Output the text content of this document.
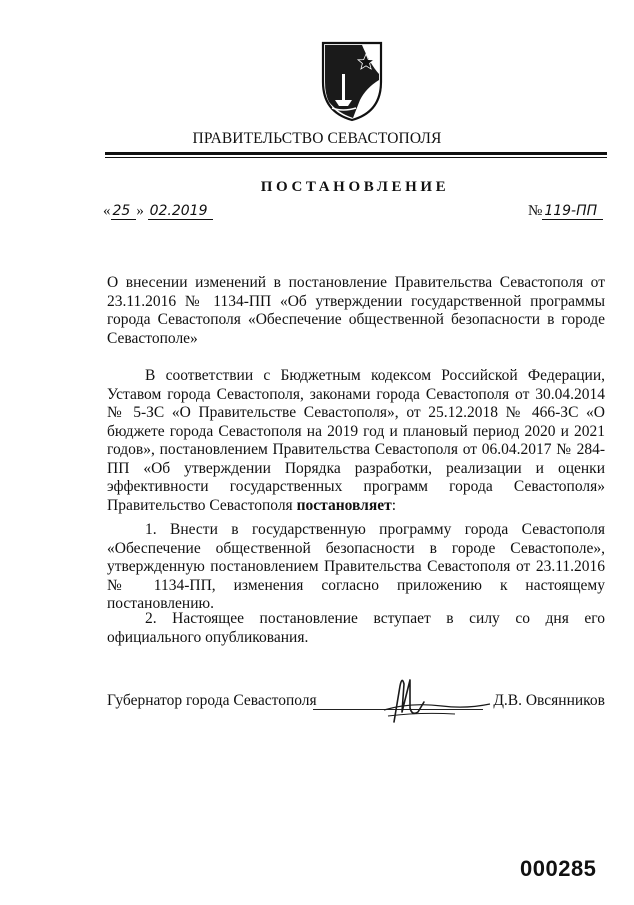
ПРАВИТЕЛЬСТВО СЕВАСТОПОЛЯ
ПОСТАНОВЛЕНИЕ
« 25 » 02.2019	№ 119-ПП

О внесении изменений в постановление Правительства Севастополя от 23.11.2016 № 1134-ПП «Об утверждении государственной программы города Севастополя «Обеспечение общественной безопасности в городе Севастополе»

В соответствии с Бюджетным кодексом Российской Федерации, Уставом города Севастополя, законами города Севастополя от 30.04.2014 № 5-ЗС «О Правительстве Севастополя», от 25.12.2018 № 466-ЗС «О бюджете города Севастополя на 2019 год и плановый период 2020 и 2021 годов», постановлением Правительства Севастополя от 06.04.2017 № 284-ПП «Об утверждении Порядка разработки, реализации и оценки эффективности государственных программ города Севастополя» Правительство Севастополя постановляет:

1. Внести в государственную программу города Севастополя «Обеспечение общественной безопасности в городе Севастополе», утвержденную постановлением Правительства Севастополя от 23.11.2016 № 1134-ПП, изменения согласно приложению к настоящему постановлению.

2. Настоящее постановление вступает в силу со дня его официального опубликования.

Губернатор города Севастополя	Д.В. Овсянников
000285
